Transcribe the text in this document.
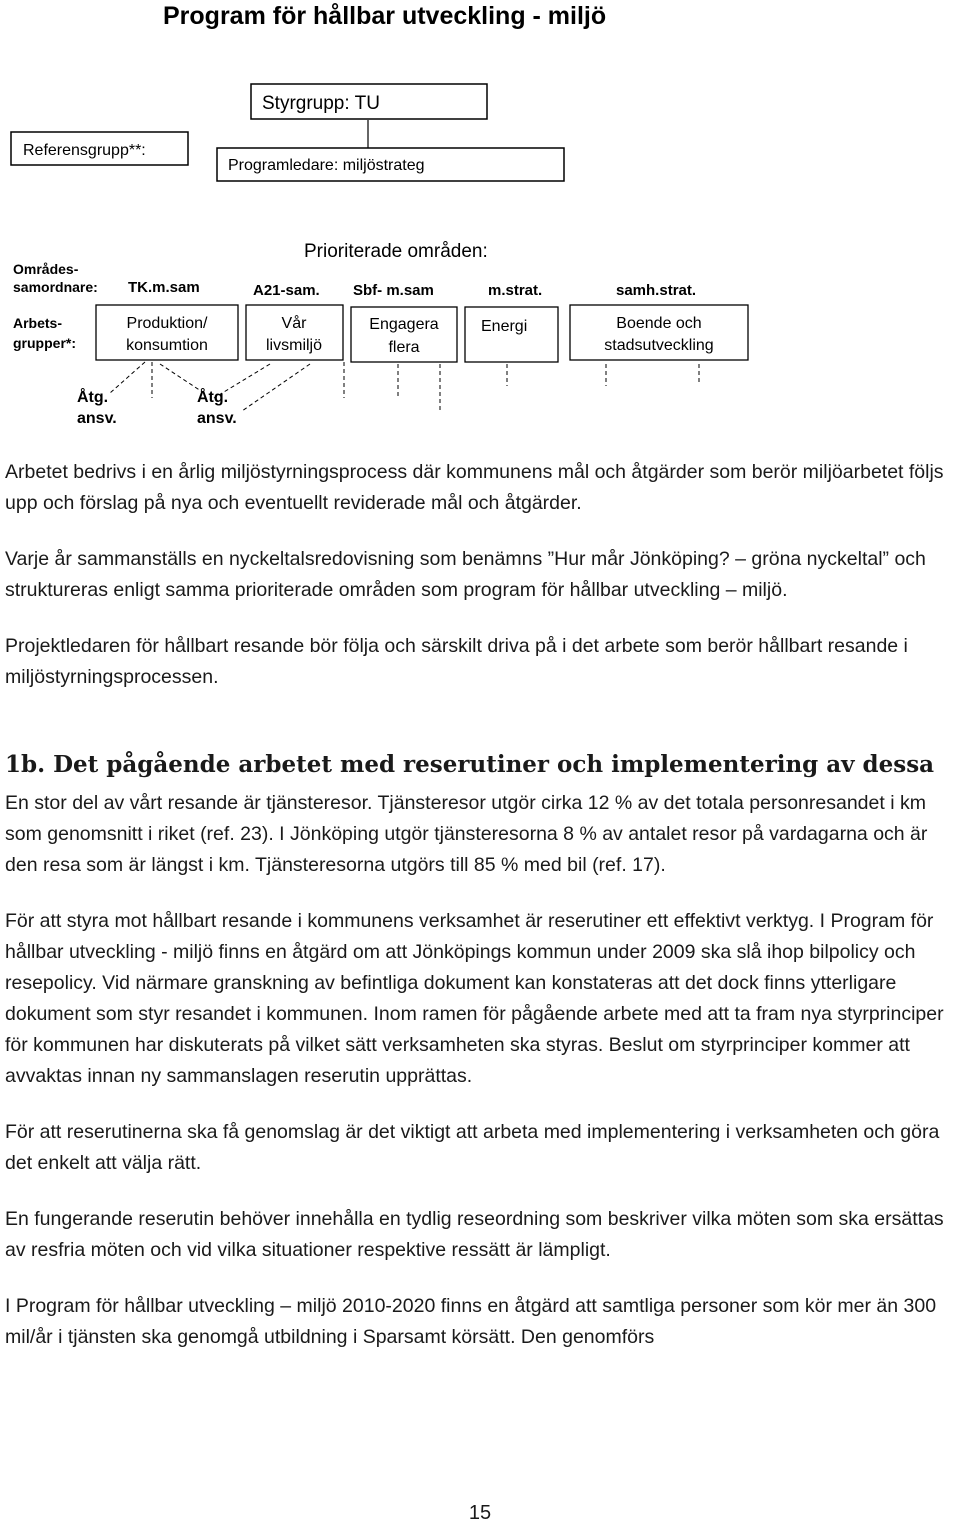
Program för hållbar utveckling - miljö
Styrgrupp: TU
Referensgrupp**:
Programledare: miljöstrateg
Prioriterade områden:
Områdes-
samordnare: TK.m.sam	A21-sam. Sbf- m.sam	m.strat.	samh.strat.
Arbets-
grupper*:
Produktion/
konsumtion
Vår
livsmiljö
Engagera
flera
Energi	Boende och
stadsutveckling
Åtg.
ansv.
Åtg.
ansv.

Arbetet bedrivs i en årlig miljöstyrningsprocess där kommunens mål och åtgärder som berör miljöarbetet följs upp och förslag på nya och eventuellt reviderade mål och åtgärder.

Varje år sammanställs en nyckeltalsredovisning som benämns ”Hur mår Jönköping? – gröna nyckeltal” och struktureras enligt samma prioriterade områden som program för hållbar utveckling – miljö.

Projektledaren för hållbart resande bör följa och särskilt driva på i det arbete som berör hållbart resande i miljöstyrningsprocessen.

1b. Det pågående arbetet med reserutiner och implementering av dessa

En stor del av vårt resande är tjänsteresor. Tjänsteresor utgör cirka 12 % av det totala personresandet i km som genomsnitt i riket (ref. 23). I Jönköping utgör tjänsteresorna 8 % av antalet resor på vardagarna och är den resa som är längst i km. Tjänsteresorna utgörs till 85 % med bil (ref. 17).

För att styra mot hållbart resande i kommunens verksamhet är reserutiner ett effektivt verktyg. I Program för hållbar utveckling - miljö finns en åtgärd om att Jönköpings kommun under 2009 ska slå ihop bilpolicy och resepolicy. Vid närmare granskning av befintliga dokument kan konstateras att det dock finns ytterligare dokument som styr resandet i kommunen. Inom ramen för pågående arbete med att ta fram nya styrprinciper för kommunen har diskuterats på vilket sätt verksamheten ska styras. Beslut om styrprinciper kommer att avvaktas innan ny sammanslagen reserutin upprättas.

För att reserutinerna ska få genomslag är det viktigt att arbeta med implementering i verksamheten och göra det enkelt att välja rätt.

En fungerande reserutin behöver innehålla en tydlig reseordning som beskriver vilka möten som ska ersättas av resfria möten och vid vilka situationer respektive ressätt är lämpligt.

I Program för hållbar utveckling – miljö 2010-2020 finns en åtgärd att samtliga personer som kör mer än 300 mil/år i tjänsten ska genomgå utbildning i Sparsamt körsätt. Den genomförs

15
